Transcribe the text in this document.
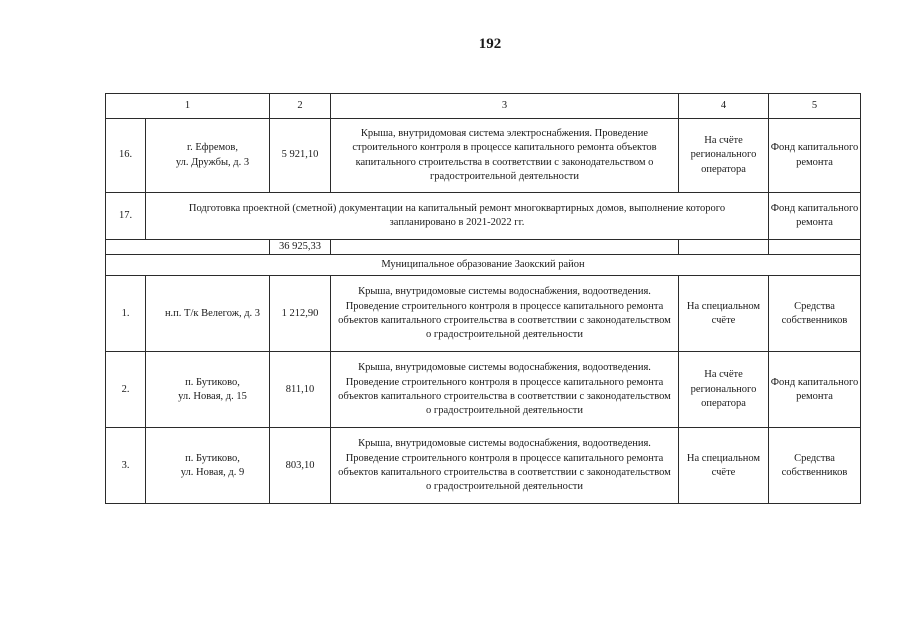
192
1		2	3	4	5
16.	г. Ефремов,
ул. Дружбы, д. 3	5 921,10	Крыша, внутридомовая система электроснабжения. Проведение строительного контроля в процессе капитального ремонта объектов капитального строительства в соответствии с законодательством о градостроительной деятельности	На счёте регионального оператора	Фонд капитального ремонта
17.	Подготовка проектной (сметной) документации на капитальный ремонт многоквартирных домов, выполнение которого запланировано в 2021-2022 гг.				Фонд капитального ремонта
		36 925,33			
Муниципальное образование Заокский район					
1.	н.п. Т/к Велегож, д. 3	1 212,90	Крыша, внутридомовые системы водоснабжения, водоотведения. Проведение строительного контроля в процессе капитального ремонта объектов капитального строительства в соответствии с законодательством о градостроительной деятельности	На специальном счёте	Средства собственников
2.	п. Бутиково,
ул. Новая, д. 15	811,10	Крыша, внутридомовые системы водоснабжения, водоотведения. Проведение строительного контроля в процессе капитального ремонта объектов капитального строительства в соответствии с законодательством о градостроительной деятельности	На счёте регионального оператора	Фонд капитального ремонта
3.	п. Бутиково,
ул. Новая, д. 9	803,10	Крыша, внутридомовые системы водоснабжения, водоотведения. Проведение строительного контроля в процессе капитального ремонта объектов капитального строительства в соответствии с законодательством о градостроительной деятельности	На специальном счёте	Средства собственников
